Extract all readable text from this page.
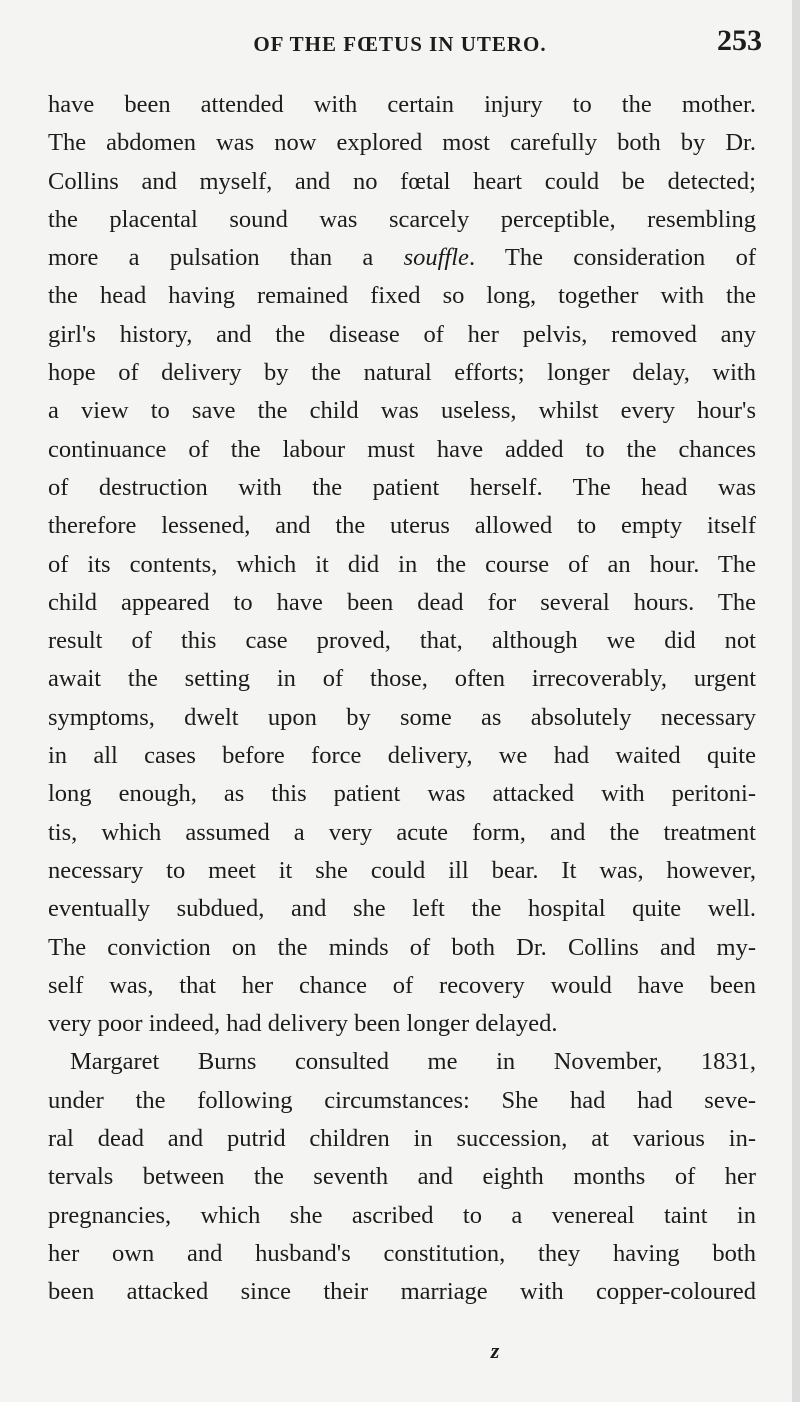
OF THE FŒTUS IN UTERO.	253
have been attended with certain injury to the mother.
The abdomen was now explored most carefully both by Dr.
Collins and myself, and no fœtal heart could be detected;
the placental sound was scarcely perceptible, resembling
more a pulsation than a souffle. The consideration of
the head having remained fixed so long, together with the
girl's history, and the disease of her pelvis, removed any
hope of delivery by the natural efforts; longer delay, with
a view to save the child was useless, whilst every hour's
continuance of the labour must have added to the chances
of destruction with the patient herself. The head was
therefore lessened, and the uterus allowed to empty itself
of its contents, which it did in the course of an hour. The
child appeared to have been dead for several hours. The
result of this case proved, that, although we did not
await the setting in of those, often irrecoverably, urgent
symptoms, dwelt upon by some as absolutely necessary
in all cases before force delivery, we had waited quite
long enough, as this patient was attacked with peritoni-
tis, which assumed a very acute form, and the treatment
necessary to meet it she could ill bear. It was, however,
eventually subdued, and she left the hospital quite well.
The conviction on the minds of both Dr. Collins and my-
self was, that her chance of recovery would have been
very poor indeed, had delivery been longer delayed.
Margaret Burns consulted me in November, 1831,
under the following circumstances: She had had seve-
ral dead and putrid children in succession, at various in-
tervals between the seventh and eighth months of her
pregnancies, which she ascribed to a venereal taint in
her own and husband's constitution, they having both
been attacked since their marriage with copper-coloured
z
